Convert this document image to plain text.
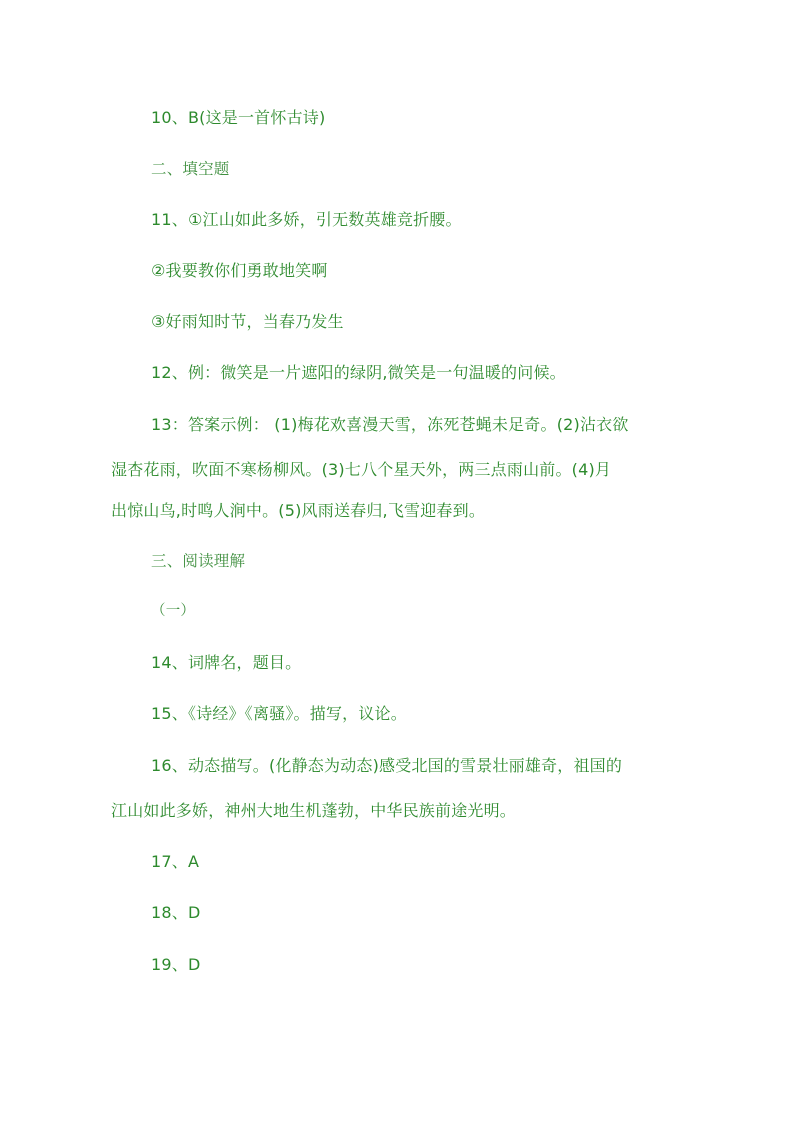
10、B(这是一首怀古诗)
二、填空题
11、①江山如此多娇，引无数英雄竞折腰。
②我要教你们勇敢地笑啊
③好雨知时节，当春乃发生
12、例：微笑是一片遮阳的绿阴,微笑是一句温暖的问候。
13：答案示例： (1)梅花欢喜漫天雪，冻死苍蝇未足奇。(2)沾衣欲
湿杏花雨，吹面不寒杨柳风。(3)七八个星天外，两三点雨山前。(4)月
出惊山鸟,时鸣人涧中。(5)风雨送春归,飞雪迎春到。
三、阅读理解
（一）
14、词牌名，题目。
15、《诗经》《离骚》。描写，议论。
16、动态描写。(化静态为动态)感受北国的雪景壮丽雄奇，祖国的
江山如此多娇，神州大地生机蓬勃，中华民族前途光明。
17、A
18、D
19、D
